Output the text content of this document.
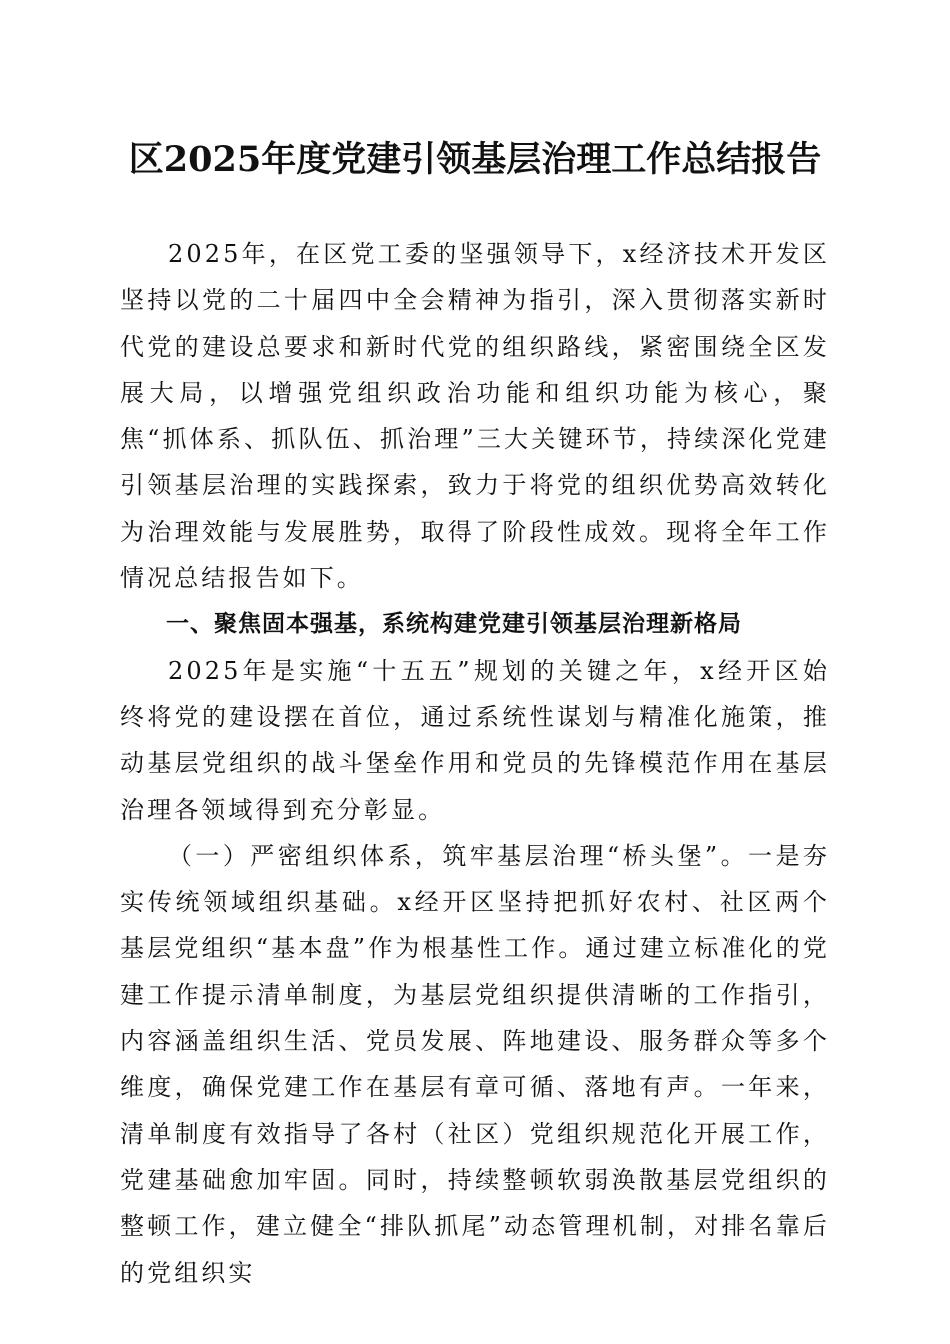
区2025年度党建引领基层治理工作总结报告

2025年，在区党工委的坚强领导下，x经济技术开发区坚持以党的二十届四中全会精神为指引，深入贯彻落实新时代党的建设总要求和新时代党的组织路线，紧密围绕全区发展大局，以增强党组织政治功能和组织功能为核心，聚焦“抓体系、抓队伍、抓治理”三大关键环节，持续深化党建引领基层治理的实践探索，致力于将党的组织优势高效转化为治理效能与发展胜势，取得了阶段性成效。现将全年工作情况总结报告如下。

一、聚焦固本强基，系统构建党建引领基层治理新格局

2025年是实施“十五五”规划的关键之年，x经开区始终将党的建设摆在首位，通过系统性谋划与精准化施策，推动基层党组织的战斗堡垒作用和党员的先锋模范作用在基层治理各领域得到充分彰显。

（一）严密组织体系，筑牢基层治理“桥头堡”。一是夯实传统领域组织基础。x经开区坚持把抓好农村、社区两个基层党组织“基本盘”作为根基性工作。通过建立标准化的党建工作提示清单制度，为基层党组织提供清晰的工作指引，内容涵盖组织生活、党员发展、阵地建设、服务群众等多个维度，确保党建工作在基层有章可循、落地有声。一年来，清单制度有效指导了各村（社区）党组织规范化开展工作，党建基础愈加牢固。同时，持续整顿软弱涣散基层党组织的整顿工作，建立健全“排队抓尾”动态管理机制，对排名靠后的党组织实
